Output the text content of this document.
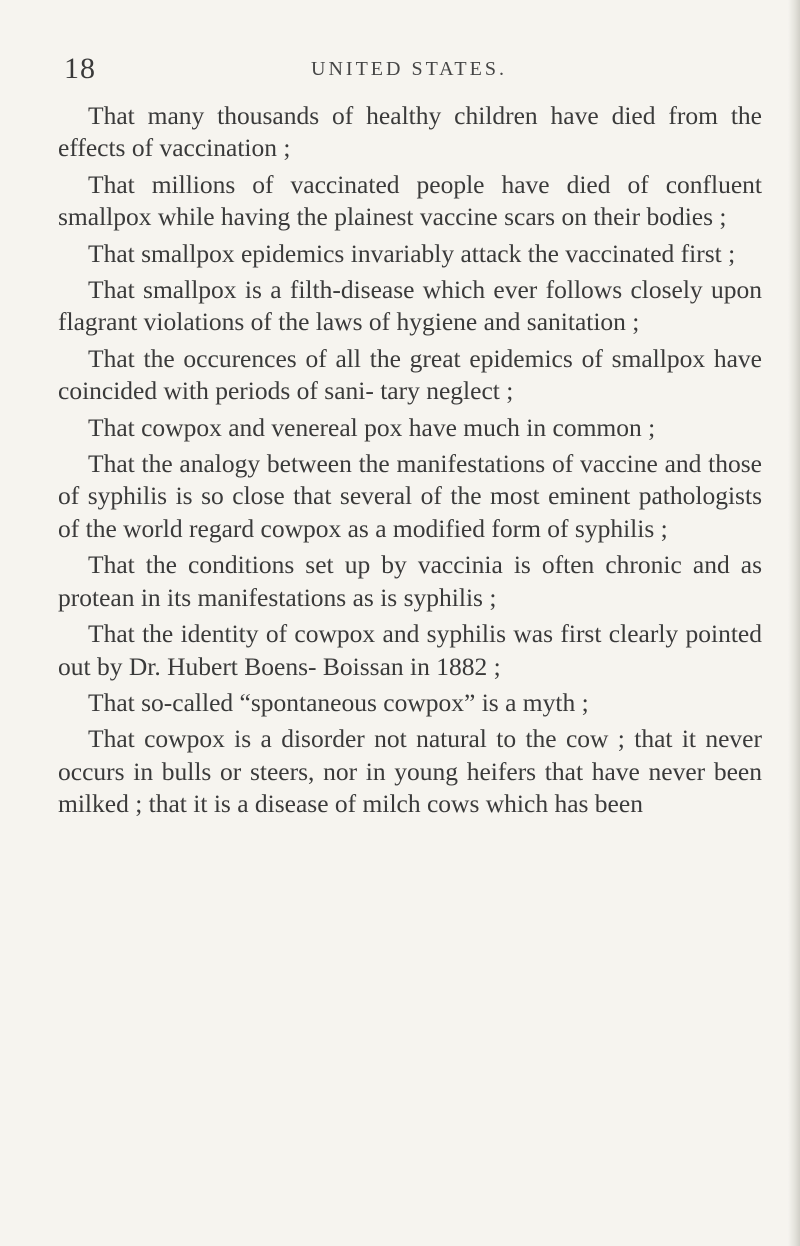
18	UNITED STATES.

That many thousands of healthy children have died from the effects of vaccination ;

That millions of vaccinated people have died of confluent smallpox while having the plainest vaccine scars on their bodies ;

That smallpox epidemics invariably attack the vaccinated first ;

That smallpox is a filth-disease which ever follows closely upon flagrant violations of the laws of hygiene and sanitation ;

That the occurences of all the great epidemics of smallpox have coincided with periods of sani- tary neglect ;

That cowpox and venereal pox have much in common ;

That the analogy between the manifestations of vaccine and those of syphilis is so close that several of the most eminent pathologists of the world regard cowpox as a modified form of syphilis ;

That the conditions set up by vaccinia is often chronic and as protean in its manifestations as is syphilis ;

That the identity of cowpox and syphilis was first clearly pointed out by Dr. Hubert Boens- Boissan in 1882 ;

That so-called “spontaneous cowpox” is a myth ;

That cowpox is a disorder not natural to the cow ; that it never occurs in bulls or steers, nor in young heifers that have never been milked ; that it is a disease of milch cows which has been
